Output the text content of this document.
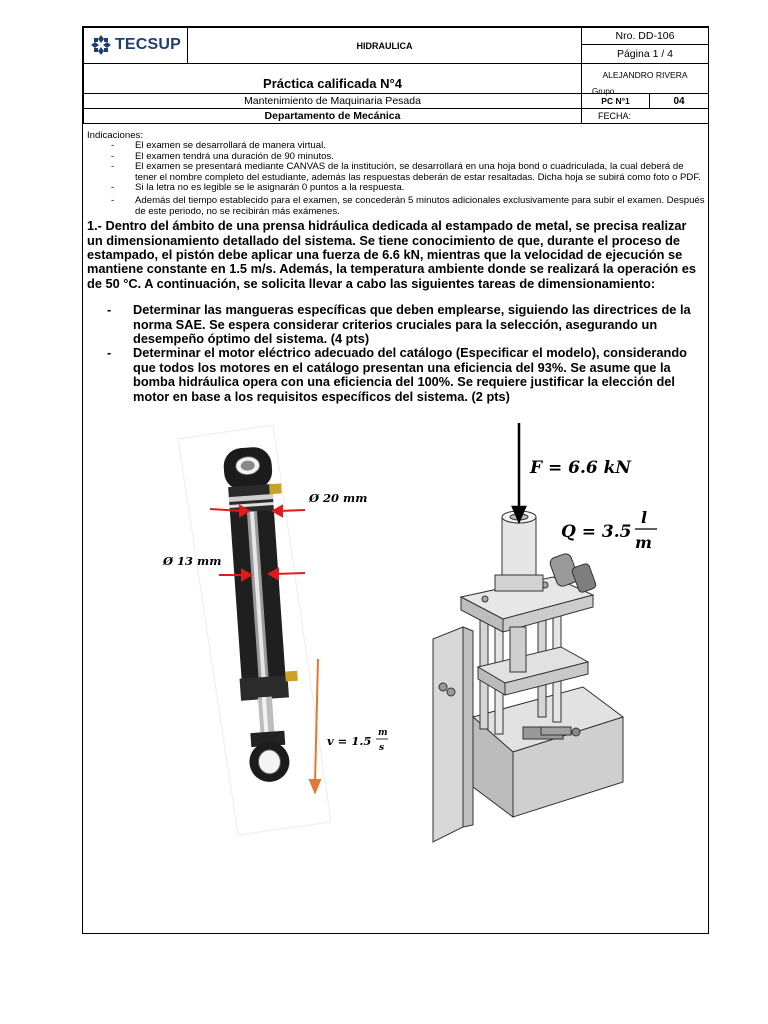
TECSUP	HIDRAULICA	Nro. DD-106	
		Página 1 / 4	
Práctica calificada N°4		ALEJANDRO RIVERA
Grupo	

Mantenimiento de Maquinaria Pesada		PC N°1	04
Departamento de Mecánica		FECHA:	
Indicaciones:
- El examen se desarrollará de manera virtual.
- El examen tendrá una duración de 90 minutos.
- El examen se presentará mediante CANVAS de la institución, se desarrollará en una hoja bond o cuadriculada, la cual deberá de tener el nombre completo del estudiante, además las respuestas deberán de estar resaltadas. Dicha hoja se subirá como foto o PDF.
- Si la letra no es legible se le asignarán 0 puntos a la respuesta.
- Además del tiempo establecido para el examen, se concederán 5 minutos adicionales exclusivamente para subir el examen. Después de este periodo, no se recibirán más exámenes.
1.- Dentro del ámbito de una prensa hidráulica dedicada al estampado de metal, se precisa realizar un dimensionamiento detallado del sistema. Se tiene conocimiento de que, durante el proceso de estampado, el pistón debe aplicar una fuerza de 6.6 kN, mientras que la velocidad de ejecución se mantiene constante en 1.5 m/s. Además, la temperatura ambiente donde se realizará la operación es de 50 °C. A continuación, se solicita llevar a cabo las siguientes tareas de dimensionamiento:
- Determinar las mangueras específicas que deben emplearse, siguiendo las directrices de la norma SAE. Se espera considerar criterios cruciales para la selección, asegurando un desempeño óptimo del sistema. (4 pts)
- Determinar el motor eléctrico adecuado del catálogo (Especificar el modelo), considerando que todos los motores en el catálogo presentan una eficiencia del 93%. Se asume que la bomba hidráulica opera con una eficiencia del 100%. Se requiere justificar la elección del motor en base a los requisitos específicos del sistema. (2 pts)
Ø 20 mm
Ø 13 mm
v = 1.5
m
s
F = 6.6 kN
Q = 3.5
l
m
